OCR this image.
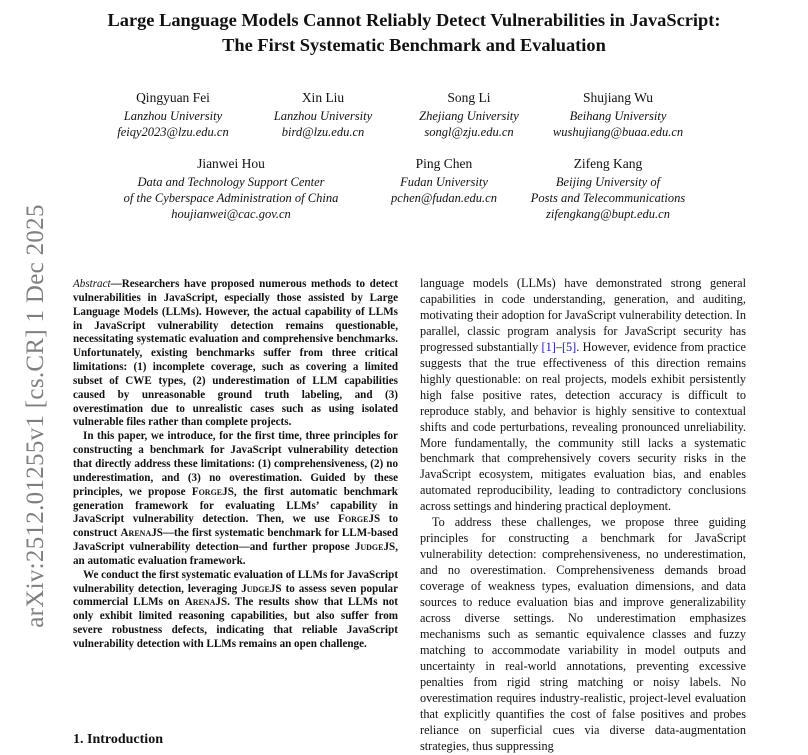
Large Language Models Cannot Reliably Detect Vulnerabilities in JavaScript:
The First Systematic Benchmark and Evaluation
Qingyuan Fei
Lanzhou University
feiqy2023@lzu.edu.cn
Xin Liu
Lanzhou University
bird@lzu.edu.cn
Song Li
Zhejiang University
songl@zju.edu.cn
Shujiang Wu
Beihang University
wushujiang@buaa.edu.cn
Jianwei Hou
Data and Technology Support Center
of the Cyberspace Administration of China
houjianwei@cac.gov.cn
Ping Chen
Fudan University
pchen@fudan.edu.cn
Zifeng Kang
Beijing University of
Posts and Telecommunications
zifengkang@bupt.edu.cn
arXiv:2512.01255v1 [cs.CR] 1 Dec 2025 Abstract—Researchers have proposed numerous methods to detect vulnerabilities in JavaScript, especially those assisted by Large Language Models (LLMs). However, the actual capability of LLMs in JavaScript vulnerability detection remains questionable, necessitating systematic evaluation and comprehensive benchmarks. Unfortunately, existing benchmarks suffer from three critical limitations: (1) incomplete coverage, such as covering a limited subset of CWE types, (2) underestimation of LLM capabilities caused by unreasonable ground truth labeling, and (3) overestimation due to unrealistic cases such as using isolated vulnerable files rather than complete projects.

In this paper, we introduce, for the first time, three principles for constructing a benchmark for JavaScript vulnerability detection that directly address these limitations: (1) comprehensiveness, (2) no underestimation, and (3) no overestimation. Guided by these principles, we propose ForgeJS, the first automatic benchmark generation framework for evaluating LLMs’ capability in JavaScript vulnerability detection. Then, we use ForgeJS to construct ArenaJS—the first systematic benchmark for LLM-based JavaScript vulnerability detection—and further propose JudgeJS, an automatic evaluation framework.

We conduct the first systematic evaluation of LLMs for JavaScript vulnerability detection, leveraging JudgeJS to assess seven popular commercial LLMs on ArenaJS. The results show that LLMs not only exhibit limited reasoning capabilities, but also suffer from severe robustness defects, indicating that reliable JavaScript vulnerability detection with LLMs remains an open challenge.

1. Introduction

language models (LLMs) have demonstrated strong general capabilities in code understanding, generation, and auditing, motivating their adoption for JavaScript vulnerability detection. In parallel, classic program analysis for JavaScript security has progressed substantially [1]–[5]. However, evidence from practice suggests that the true effectiveness of this direction remains highly questionable: on real projects, models exhibit persistently high false positive rates, detection accuracy is difficult to reproduce stably, and behavior is highly sensitive to contextual shifts and code perturbations, revealing pronounced unreliability. More fundamentally, the community still lacks a systematic benchmark that comprehensively covers security risks in the JavaScript ecosystem, mitigates evaluation bias, and enables automated reproducibility, leading to contradictory conclusions across settings and hindering practical deployment.

To address these challenges, we propose three guiding principles for constructing a benchmark for JavaScript vulnerability detection: comprehensiveness, no underestimation, and no overestimation. Comprehensiveness demands broad coverage of weakness types, evaluation dimensions, and data sources to reduce evaluation bias and improve generalizability across diverse settings. No underestimation emphasizes mechanisms such as semantic equivalence classes and fuzzy matching to accommodate variability in model outputs and uncertainty in real-world annotations, preventing excessive penalties from rigid string matching or noisy labels. No overestimation requires industry-realistic, project-level evaluation that explicitly quantifies the cost of false positives and probes reliance on superficial cues via diverse data-augmentation strategies, thus suppressing
